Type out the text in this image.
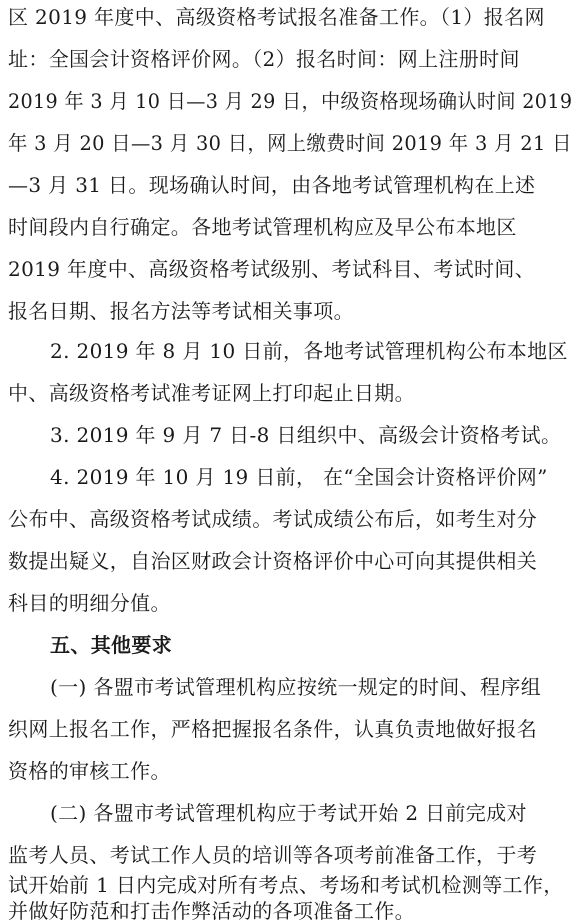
区 2019 年度中、高级资格考试报名准备工作。（1）报名网
址：全国会计资格评价网。（2）报名时间：网上注册时间
2019 年 3 月 10 日—3 月 29 日，中级资格现场确认时间 2019
年 3 月 20 日—3 月 30 日，网上缴费时间 2019 年 3 月 21 日
—3 月 31 日。现场确认时间，由各地考试管理机构在上述
时间段内自行确定。各地考试管理机构应及早公布本地区
2019 年度中、高级资格考试级别、考试科目、考试时间、
报名日期、报名方法等考试相关事项。
2. 2019 年 8 月 10 日前，各地考试管理机构公布本地区
中、高级资格考试准考证网上打印起止日期。
3. 2019 年 9 月 7 日-8 日组织中、高级会计资格考试。
4. 2019 年 10 月 19 日前， 在“全国会计资格评价网”
公布中、高级资格考试成绩。考试成绩公布后，如考生对分
数提出疑义，自治区财政会计资格评价中心可向其提供相关
科目的明细分值。
五、其他要求
(一) 各盟市考试管理机构应按统一规定的时间、程序组
织网上报名工作，严格把握报名条件，认真负责地做好报名
资格的审核工作。
(二) 各盟市考试管理机构应于考试开始 2 日前完成对
监考人员、考试工作人员的培训等各项考前准备工作，于考
试开始前 1 日内完成对所有考点、考场和考试机检测等工作，
并做好防范和打击作弊活动的各项准备工作。
